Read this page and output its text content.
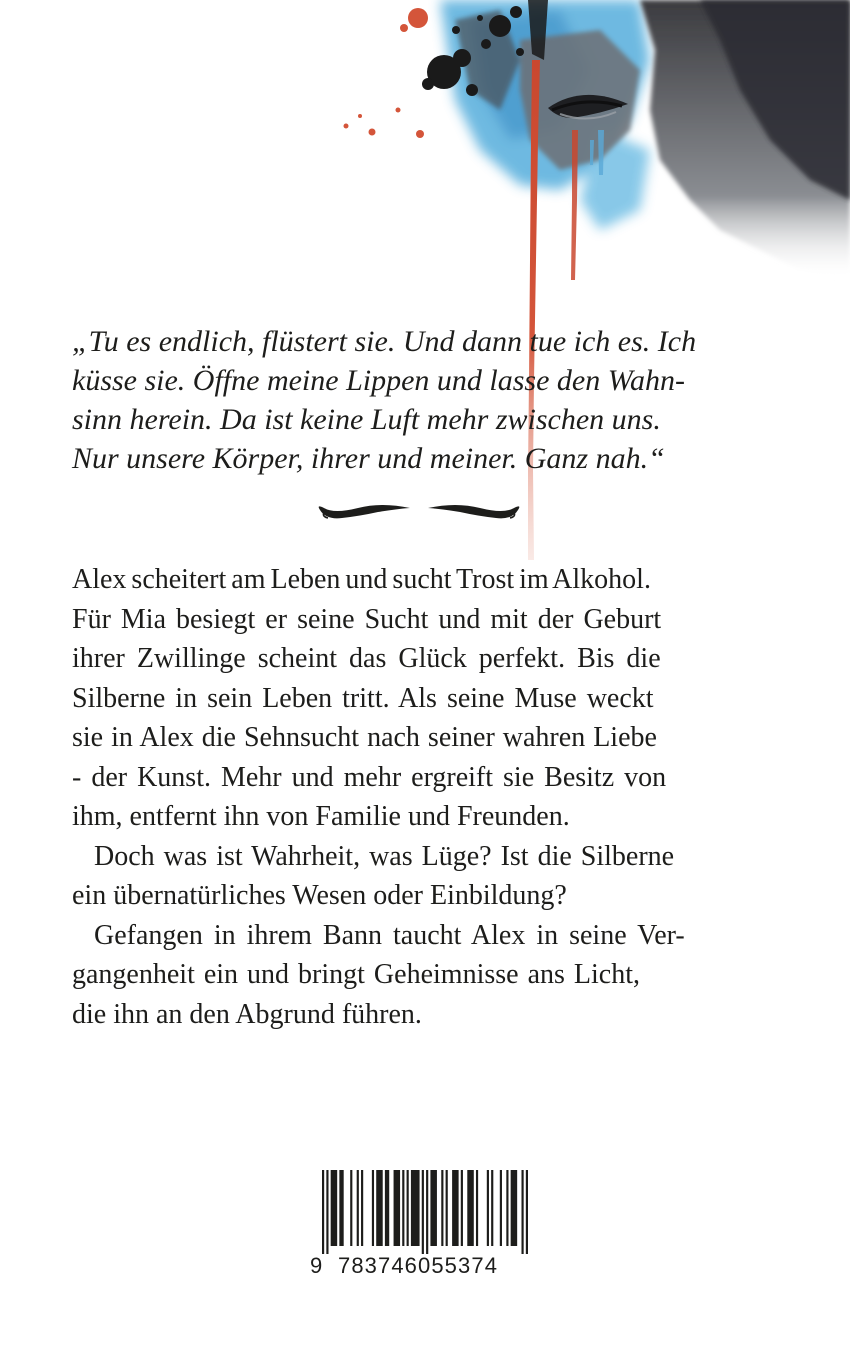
„Tu es endlich, flüstert sie. Und dann tue ich es. Ich
küsse sie. Öffne meine Lippen und lasse den Wahn-
sinn herein. Da ist keine Luft mehr zwischen uns.
Nur unsere Körper, ihrer und meiner. Ganz nah.“

Alex scheitert am Leben und sucht Trost im Alkohol.
Für Mia besiegt er seine Sucht und mit der Geburt
ihrer Zwillinge scheint das Glück perfekt. Bis die
Silberne in sein Leben tritt. Als seine Muse weckt
sie in Alex die Sehnsucht nach seiner wahren Liebe
- der Kunst. Mehr und mehr ergreift sie Besitz von
ihm, entfernt ihn von Familie und Freunden.

Doch was ist Wahrheit, was Lüge? Ist die Silberne
ein übernatürliches Wesen oder Einbildung?

Gefangen in ihrem Bann taucht Alex in seine Ver-
gangenheit ein und bringt Geheimnisse ans Licht,
die ihn an den Abgrund führen.

9 783746055374
